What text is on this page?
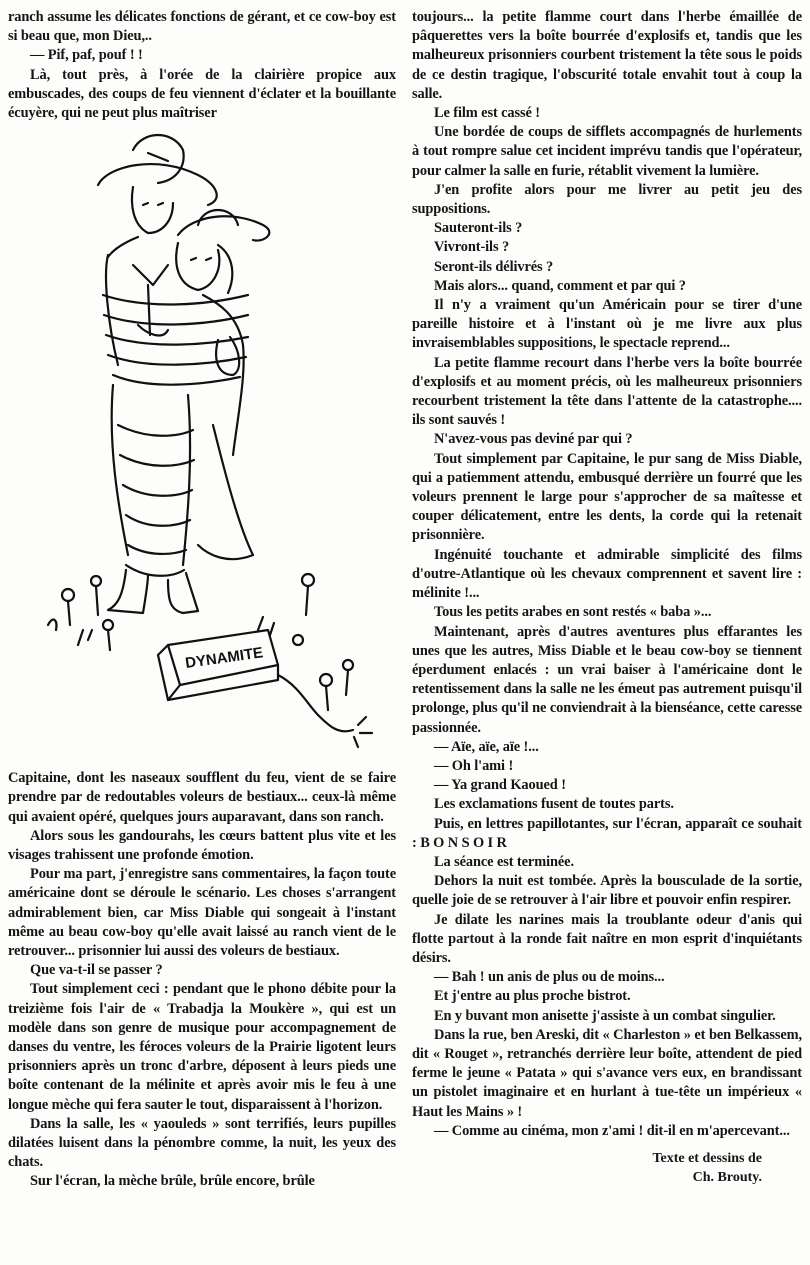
ranch assume les délicates fonctions de gérant, et ce cow-boy est si beau que, mon Dieu,..

— Pif, paf, pouf ! !

Là, tout près, à l'orée de la clairière propice aux embuscades, des coups de feu viennent d'éclater et la bouillante écuyère, qui ne peut plus maîtriser

DYNAMITE

Capitaine, dont les naseaux soufflent du feu, vient de se faire prendre par de redoutables voleurs de bestiaux... ceux-là même qui avaient opéré, quelques jours auparavant, dans son ranch.

Alors sous les gandourahs, les cœurs battent plus vite et les visages trahissent une profonde émotion.

Pour ma part, j'enregistre sans commentaires, la façon toute américaine dont se déroule le scénario. Les choses s'arrangent admirablement bien, car Miss Diable qui songeait à l'instant même au beau cow-boy qu'elle avait laissé au ranch vient de le retrouver... prisonnier lui aussi des voleurs de bestiaux.

Que va-t-il se passer ?

Tout simplement ceci : pendant que le phono débite pour la treizième fois l'air de « Trabadja la Moukère », qui est un modèle dans son genre de musique pour accompagnement de danses du ventre, les féroces voleurs de la Prairie ligotent leurs prisonniers après un tronc d'arbre, déposent à leurs pieds une boîte contenant de la mélinite et après avoir mis le feu à une longue mèche qui fera sauter le tout, disparaissent à l'horizon.

Dans la salle, les « yaouleds » sont terrifiés, leurs pupilles dilatées luisent dans la pénombre comme, la nuit, les yeux des chats.

Sur l'écran, la mèche brûle, brûle encore, brûle

toujours... la petite flamme court dans l'herbe émaillée de pâquerettes vers la boîte bourrée d'explosifs et, tandis que les malheureux prisonniers courbent tristement la tête sous le poids de ce destin tragique, l'obscurité totale envahit tout à coup la salle.

Le film est cassé !

Une bordée de coups de sifflets accompagnés de hurlements à tout rompre salue cet incident imprévu tandis que l'opérateur, pour calmer la salle en furie, rétablit vivement la lumière.

J'en profite alors pour me livrer au petit jeu des suppositions.

Sauteront-ils ?

Vivront-ils ?

Seront-ils délivrés ?

Mais alors... quand, comment et par qui ?

Il n'y a vraiment qu'un Américain pour se tirer d'une pareille histoire et à l'instant où je me livre aux plus invraisemblables suppositions, le spectacle reprend...

La petite flamme recourt dans l'herbe vers la boîte bourrée d'explosifs et au moment précis, où les malheureux prisonniers recourbent tristement la tête dans l'attente de la catastrophe.... ils sont sauvés !

N'avez-vous pas deviné par qui ?

Tout simplement par Capitaine, le pur sang de Miss Diable, qui a patiemment attendu, embusqué derrière un fourré que les voleurs prennent le large pour s'approcher de sa maîtesse et couper délicatement, entre les dents, la corde qui la retenait prisonnière.

Ingénuité touchante et admirable simplicité des films d'outre-Atlantique où les chevaux comprennent et savent lire : mélinite !...

Tous les petits arabes en sont restés « baba »...

Maintenant, après d'autres aventures plus effarantes les unes que les autres, Miss Diable et le beau cow-boy se tiennent éperdument enlacés : un vrai baiser à l'américaine dont le retentissement dans la salle ne les émeut pas autrement puisqu'il prolonge, plus qu'il ne conviendrait à la bienséance, cette caresse passionnée.

— Aïe, aïe, aïe !...

— Oh l'ami !

— Ya grand Kaoued !

Les exclamations fusent de toutes parts.

Puis, en lettres papillotantes, sur l'écran, apparaît ce souhait : B O N S O I R

La séance est terminée.

Dehors la nuit est tombée. Après la bousculade de la sortie, quelle joie de se retrouver à l'air libre et pouvoir enfin respirer.

Je dilate les narines mais la troublante odeur d'anis qui flotte partout à la ronde fait naître en mon esprit d'inquiétants désirs.

— Bah ! un anis de plus ou de moins...

Et j'entre au plus proche bistrot.

En y buvant mon anisette j'assiste à un combat singulier.

Dans la rue, ben Areski, dit « Charleston » et ben Belkassem, dit « Rouget », retranchés derrière leur boîte, attendent de pied ferme le jeune « Patata » qui s'avance vers eux, en brandissant un pistolet imaginaire et en hurlant à tue-tête un impérieux « Haut les Mains » !

— Comme au cinéma, mon z'ami ! dit-il en m'apercevant...

Texte et dessins de
Ch. Brouty.
